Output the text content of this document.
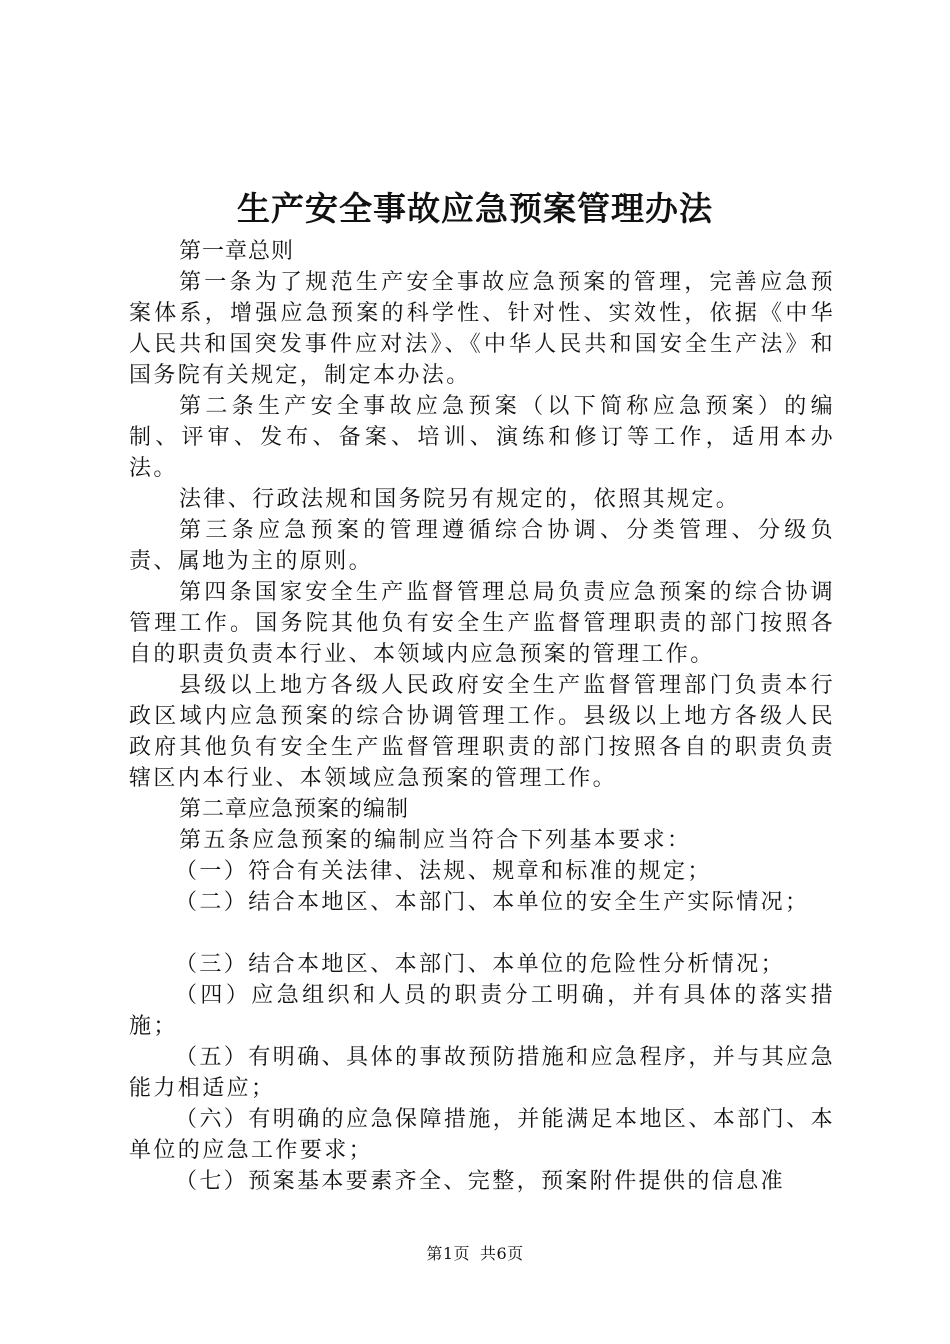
生产安全事故应急预案管理办法

第一章总则

第一条为了规范生产安全事故应急预案的管理，完善应急预案体系，增强应急预案的科学性、针对性、实效性，依据《中华人民共和国突发事件应对法》、《中华人民共和国安全生产法》和国务院有关规定，制定本办法。

第二条生产安全事故应急预案（以下简称应急预案）的编制、评审、发布、备案、培训、演练和修订等工作，适用本办法。

法律、行政法规和国务院另有规定的，依照其规定。

第三条应急预案的管理遵循综合协调、分类管理、分级负责、属地为主的原则。

第四条国家安全生产监督管理总局负责应急预案的综合协调管理工作。国务院其他负有安全生产监督管理职责的部门按照各自的职责负责本行业、本领域内应急预案的管理工作。

县级以上地方各级人民政府安全生产监督管理部门负责本行政区域内应急预案的综合协调管理工作。县级以上地方各级人民政府其他负有安全生产监督管理职责的部门按照各自的职责负责辖区内本行业、本领域应急预案的管理工作。

第二章应急预案的编制

第五条应急预案的编制应当符合下列基本要求：

（一）符合有关法律、法规、规章和标准的规定；

（二）结合本地区、本部门、本单位的安全生产实际情况；

（三）结合本地区、本部门、本单位的危险性分析情况；

（四）应急组织和人员的职责分工明确，并有具体的落实措施；

（五）有明确、具体的事故预防措施和应急程序，并与其应急能力相适应；

（六）有明确的应急保障措施，并能满足本地区、本部门、本单位的应急工作要求；

（七）预案基本要素齐全、完整，预案附件提供的信息准

第1页 共6页
